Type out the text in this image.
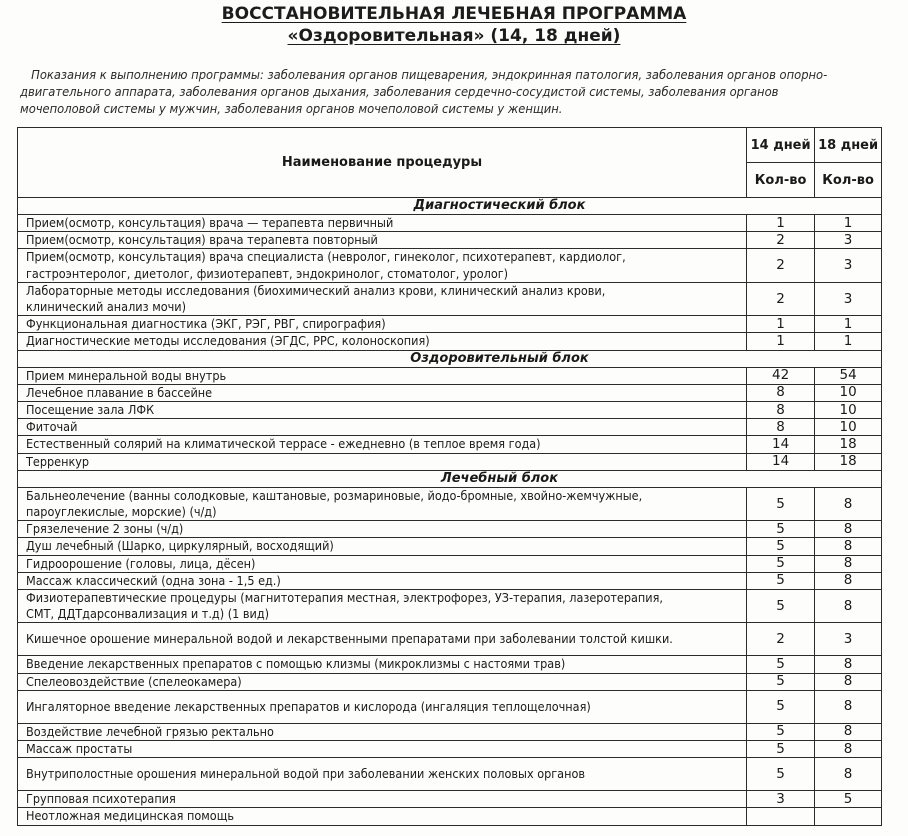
ВОССТАНОВИТЕЛЬНАЯ ЛЕЧЕБНАЯ ПРОГРАММА
«Оздоровительная» (14, 18 дней)
Показания к выполнению программы: заболевания органов пищеварения, эндокринная патология, заболевания органов опорно-двигательного аппарата, заболевания органов дыхания, заболевания сердечно-сосудистой системы, заболевания органов мочеполовой системы у мужчин, заболевания органов мочеполовой системы у женщин.
Наименование процедуры	14 дней	18 дней
	Кол-во	Кол-во
Диагностический блок		
Прием(осмотр, консультация) врача — терапевта первичный	1	1
Прием(осмотр, консультация) врача терапевта повторный	2	3
Прием(осмотр, консультация) врача специалиста (невролог, гинеколог, психотерапевт, кардиолог, гастроэнтеролог, диетолог, физиотерапевт, эндокринолог, стоматолог, уролог)	2	3
Лабораторные методы исследования (биохимический анализ крови, клинический анализ крови, клинический анализ мочи)	2	3
Функциональная диагностика (ЭКГ, РЭГ, РВГ, спирография)	1	1
Диагностические методы исследования (ЭГДС, РРС, колоноскопия)	1	1
Оздоровительный блок		
Прием минеральной воды внутрь	42	54
Лечебное плавание в бассейне	8	10
Посещение зала ЛФК	8	10
Фиточай	8	10
Естественный солярий на климатической террасе - ежедневно (в теплое время года)	14	18
Терренкур	14	18
Лечебный блок		
Бальнеолечение (ванны солодковые, каштановые, розмариновые, йодо-бромные, хвойно-жемчужные, пароуглекислые, морские) (ч/д)	5	8
Грязелечение 2 зоны (ч/д)	5	8
Душ лечебный (Шарко, циркулярный, восходящий)	5	8
Гидроорошение (головы, лица, дёсен)	5	8
Массаж классический (одна зона - 1,5 ед.)	5	8
Физиотерапевтические процедуры (магнитотерапия местная, электрофорез, УЗ-терапия, лазеротерапия, СМТ, ДДТдарсонвализация и т.д) (1 вид)	5	8
Кишечное орошение минеральной водой и лекарственными препаратами при заболевании толстой кишки.	2	3
Введение лекарственных препаратов с помощью клизмы (микроклизмы с настоями трав)	5	8
Спелеовоздействие (спелеокамера)	5	8
Ингаляторное введение лекарственных препаратов и кислорода (ингаляция теплощелочная)	5	8
Воздействие лечебной грязью ректально	5	8
Массаж простаты	5	8
Внутриполостные орошения минеральной водой при заболевании женских половых органов	5	8
Групповая психотерапия	3	5
Неотложная медицинская помощь		
